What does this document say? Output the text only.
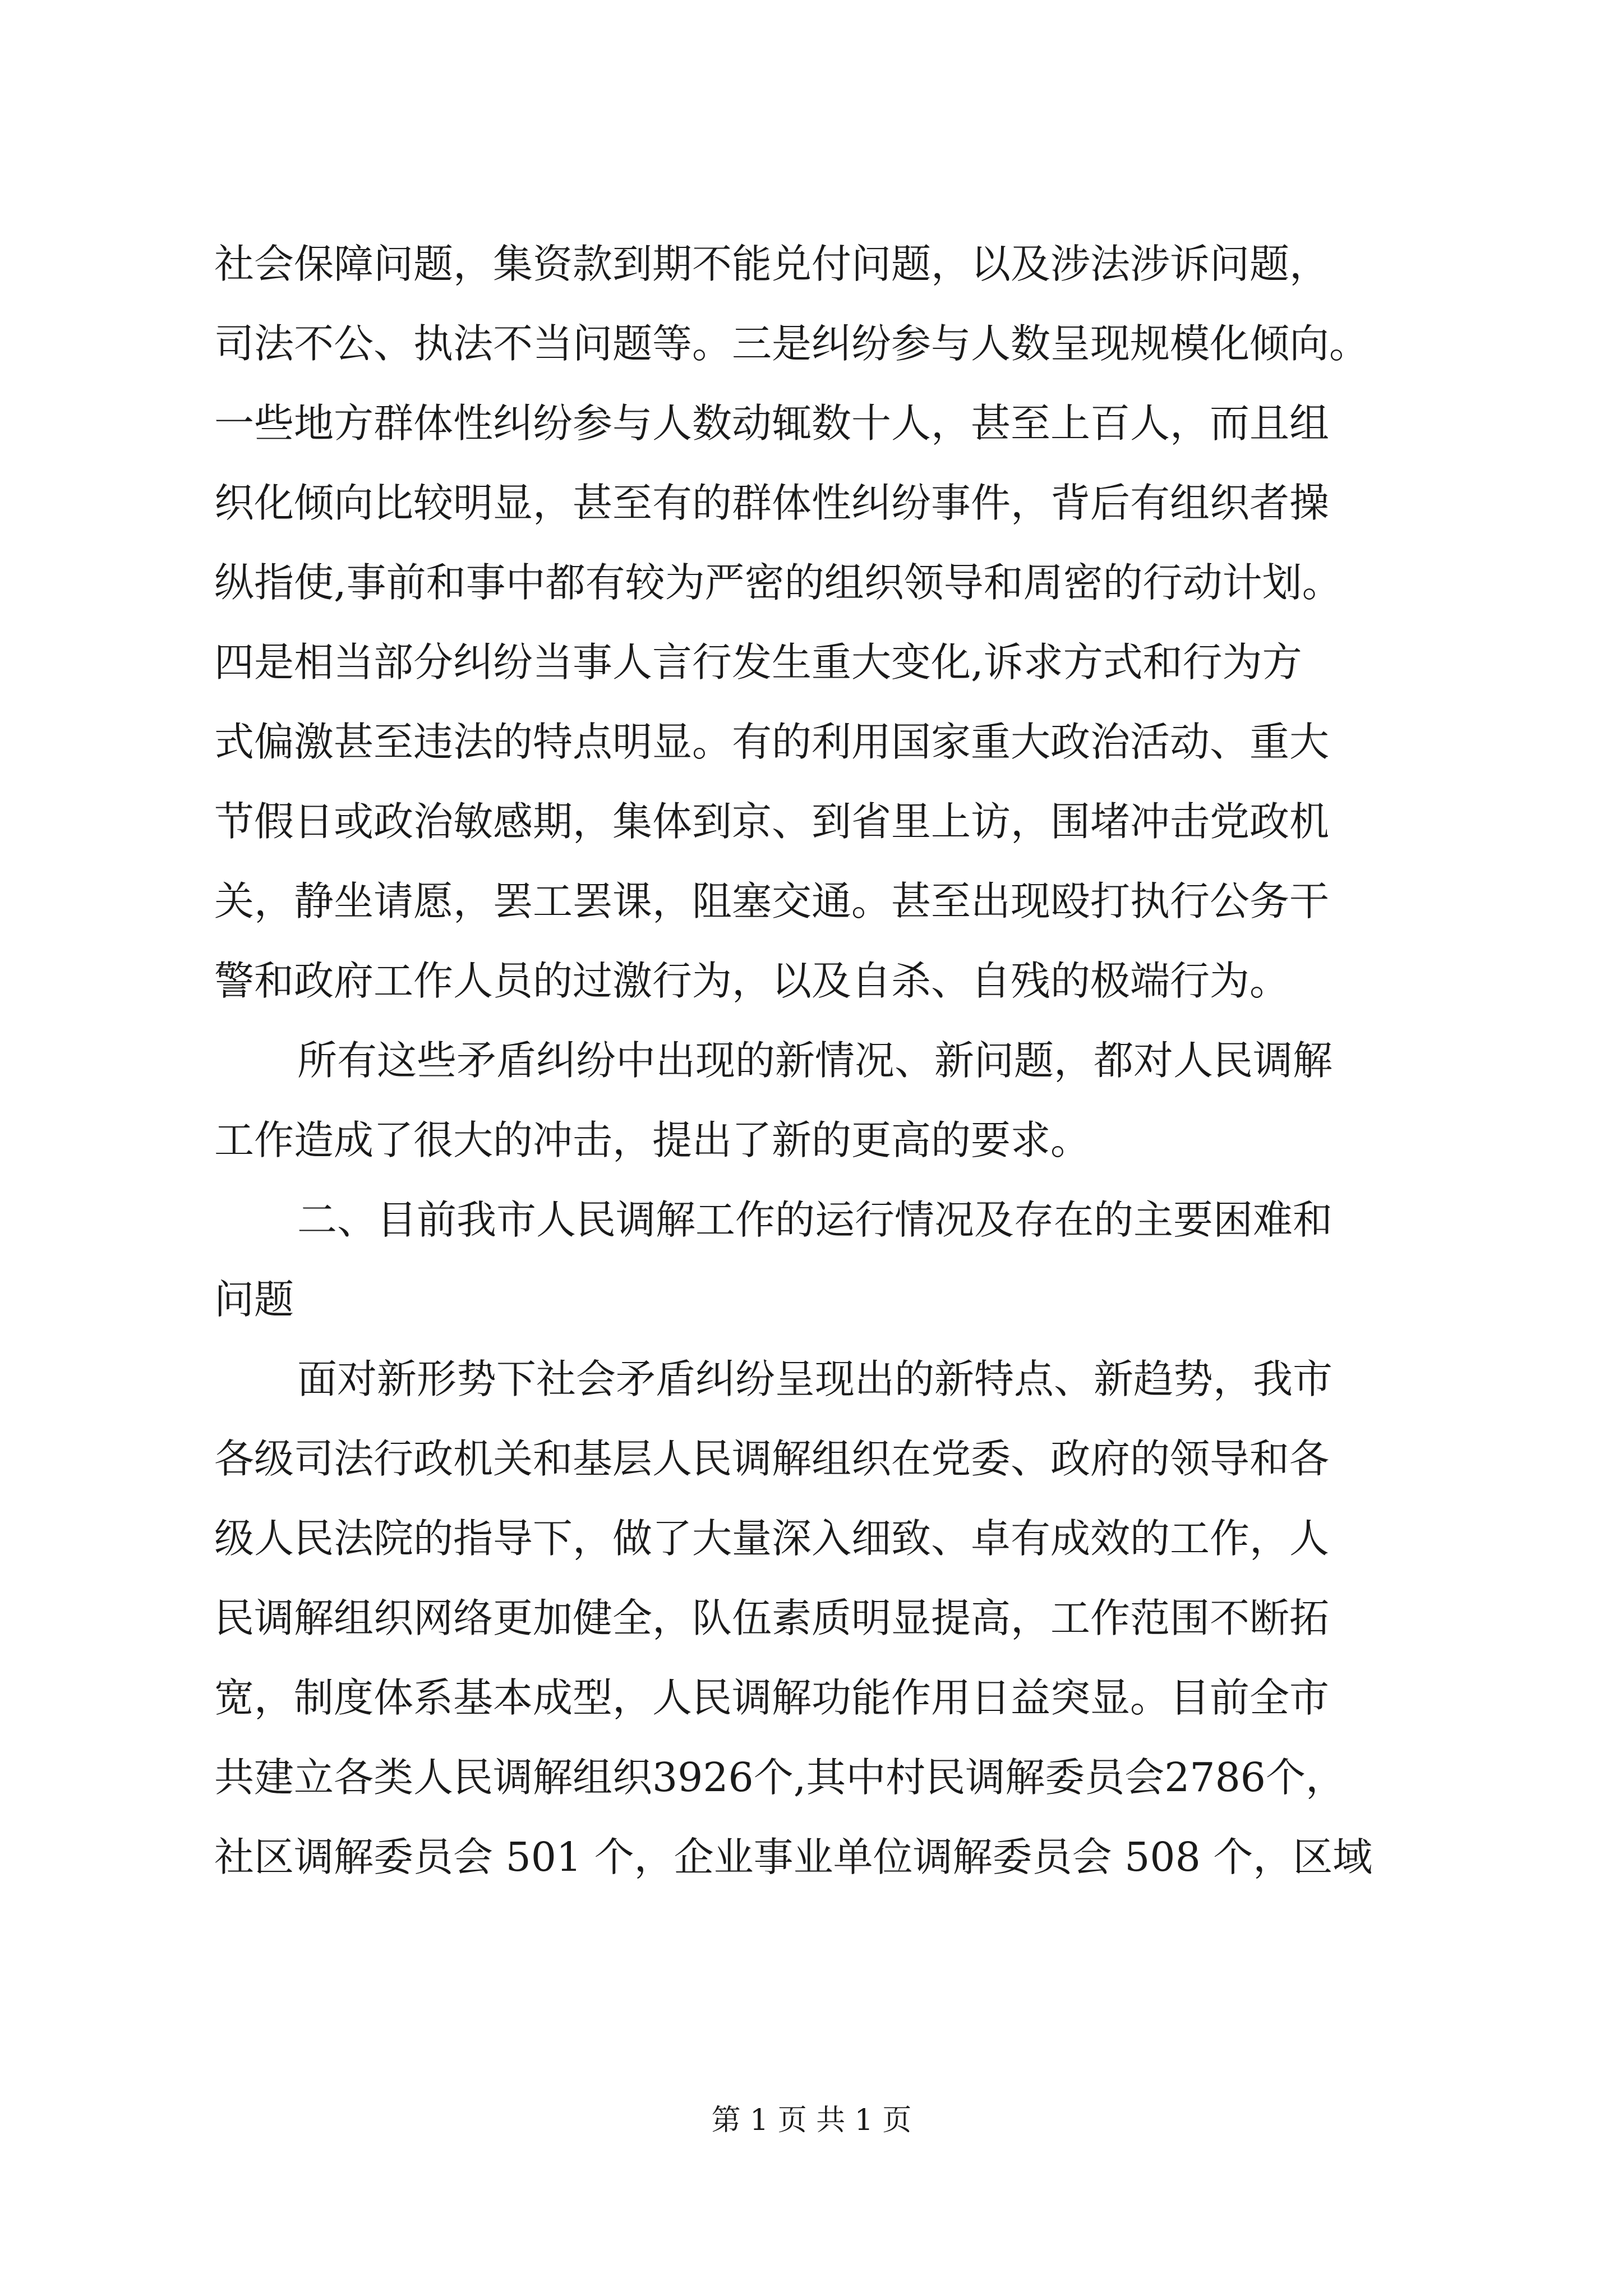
社会保障问题，集资款到期不能兑付问题，以及涉法涉诉问题，
司法不公、执法不当问题等。三是纠纷参与人数呈现规模化倾向。
一些地方群体性纠纷参与人数动辄数十人，甚至上百人，而且组
织化倾向比较明显，甚至有的群体性纠纷事件，背后有组织者操
纵指使,事前和事中都有较为严密的组织领导和周密的行动计划。
四是相当部分纠纷当事人言行发生重大变化,诉求方式和行为方
式偏激甚至违法的特点明显。有的利用国家重大政治活动、重大
节假日或政治敏感期，集体到京、到省里上访，围堵冲击党政机
关，静坐请愿，罢工罢课，阻塞交通。甚至出现殴打执行公务干
警和政府工作人员的过激行为，以及自杀、自残的极端行为。
所有这些矛盾纠纷中出现的新情况、新问题，都对人民调解
工作造成了很大的冲击，提出了新的更高的要求。
二、目前我市人民调解工作的运行情况及存在的主要困难和
问题
面对新形势下社会矛盾纠纷呈现出的新特点、新趋势，我市
各级司法行政机关和基层人民调解组织在党委、政府的领导和各
级人民法院的指导下，做了大量深入细致、卓有成效的工作，人
民调解组织网络更加健全，队伍素质明显提高，工作范围不断拓
宽，制度体系基本成型，人民调解功能作用日益突显。目前全市
共建立各类人民调解组织3926个,其中村民调解委员会2786个，
社区调解委员会 501 个，企业事业单位调解委员会 508 个，区域
第 1 页 共 1 页
